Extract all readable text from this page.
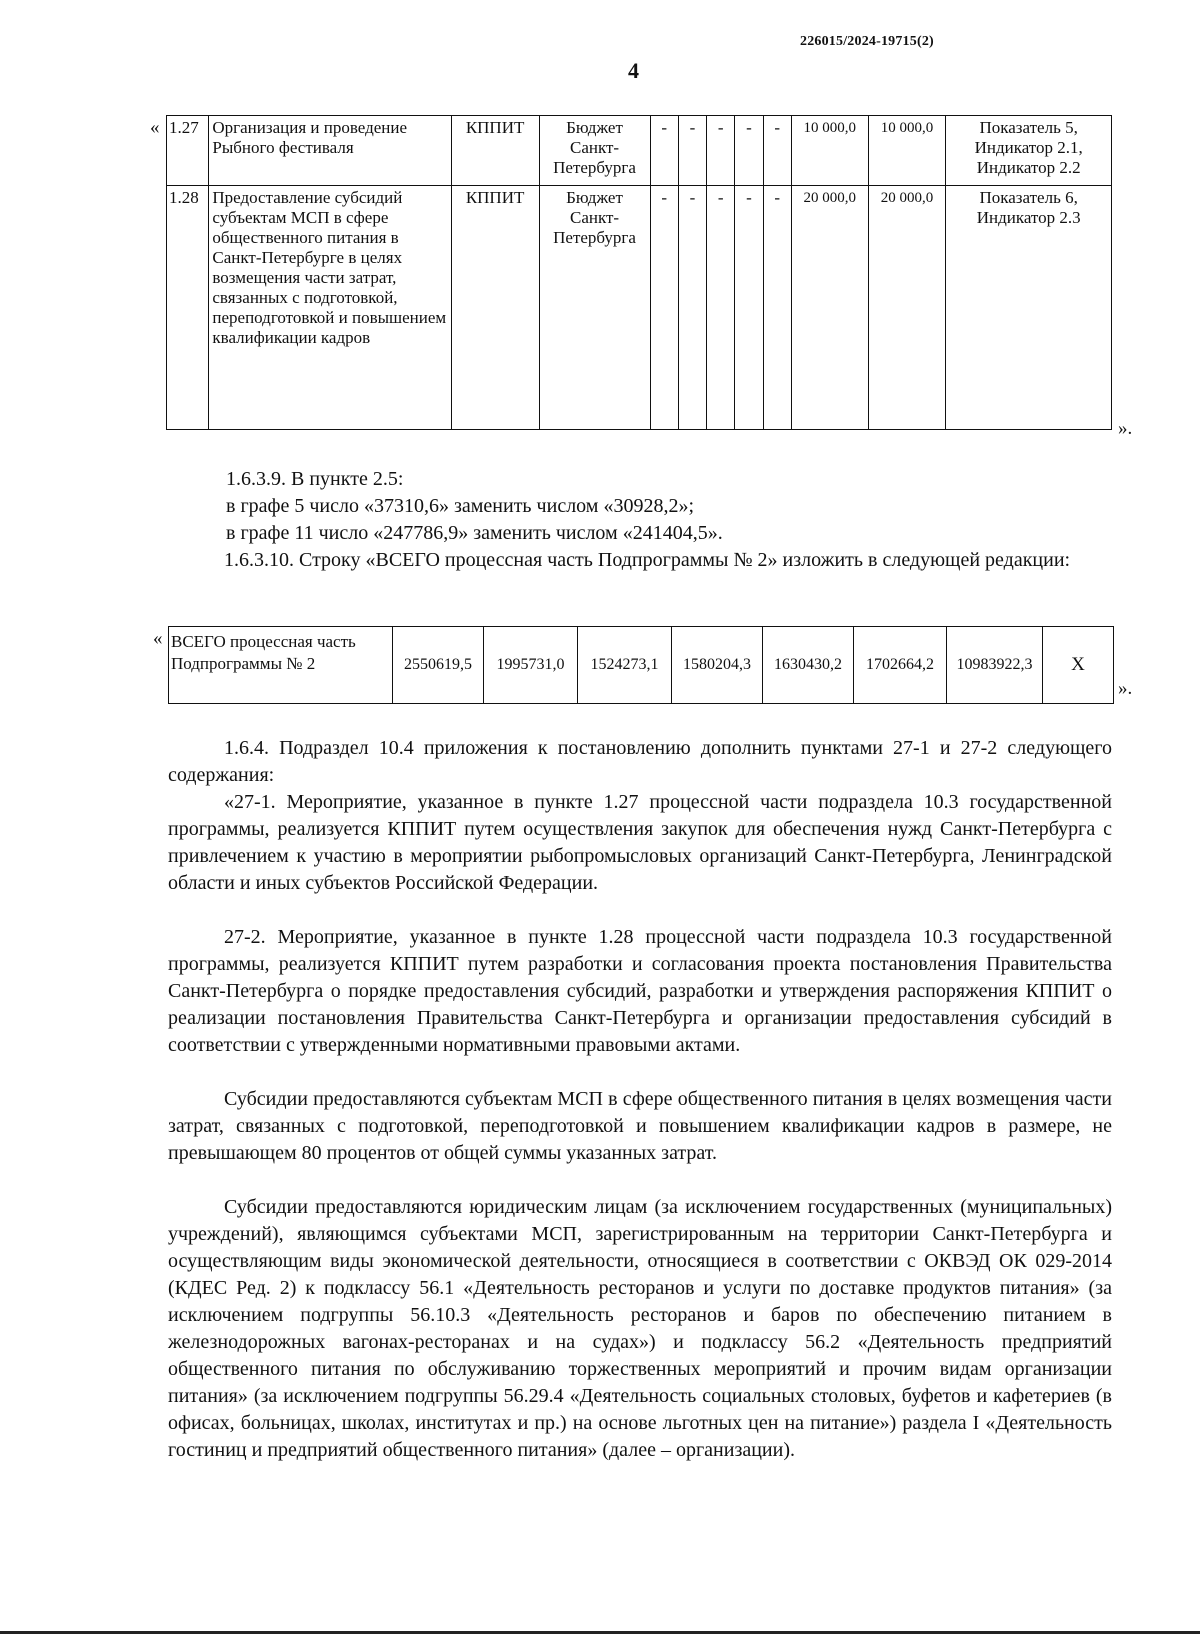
226015/2024-19715(2)
4
« 1.27	Организация и проведение Рыбного фестиваля	КППИТ	Бюджет Санкт-Петербурга	-	-	-	-	-	10 000,0	10 000,0	Показатель 5, Индикатор 2.1, Индикатор 2.2
1.28	Предоставление субсидий субъектам МСП в сфере общественного питания в Санкт-Петербурге в целях возмещения части затрат, связанных с подготовкой, переподготовкой и повышением квалификации кадров	КППИТ	Бюджет Санкт-Петербурга	-	-	-	-	-	20 000,0	20 000,0	Показатель 6, Индикатор 2.3
».
1.6.3.9. В пункте 2.5:
в графе 5 число «37310,6» заменить числом «30928,2»;
в графе 11 число «247786,9» заменить числом «241404,5».
1.6.3.10. Строку «ВСЕГО процессная часть Подпрограммы № 2» изложить в следующей редакции:
« ВСЕГО процессная часть Подпрограммы № 2	2550619,5	1995731,0	1524273,1	1580204,3	1630430,2	1702664,2	10983922,3	Х
».
1.6.4. Подраздел 10.4 приложения к постановлению дополнить пунктами 27-1 и 27-2 следующего содержания:
«27-1. Мероприятие, указанное в пункте 1.27 процессной части подраздела 10.3 государственной программы, реализуется КППИТ путем осуществления закупок для обеспечения нужд Санкт-Петербурга с привлечением к участию в мероприятии рыбопромысловых организаций Санкт-Петербурга, Ленинградской области и иных субъектов Российской Федерации.
27-2. Мероприятие, указанное в пункте 1.28 процессной части подраздела 10.3 государственной программы, реализуется КППИТ путем разработки и согласования проекта постановления Правительства Санкт-Петербурга о порядке предоставления субсидий, разработки и утверждения распоряжения КППИТ о реализации постановления Правительства Санкт-Петербурга и организации предоставления субсидий в соответствии с утвержденными нормативными правовыми актами.
Субсидии предоставляются субъектам МСП в сфере общественного питания в целях возмещения части затрат, связанных с подготовкой, переподготовкой и повышением квалификации кадров в размере, не превышающем 80 процентов от общей суммы указанных затрат.
Субсидии предоставляются юридическим лицам (за исключением государственных (муниципальных) учреждений), являющимся субъектами МСП, зарегистрированным на территории Санкт-Петербурга и осуществляющим виды экономической деятельности, относящиеся в соответствии с ОКВЭД ОК 029-2014 (КДЕС Ред. 2) к подклассу 56.1 «Деятельность ресторанов и услуги по доставке продуктов питания» (за исключением подгруппы 56.10.3 «Деятельность ресторанов и баров по обеспечению питанием в железнодорожных вагонах-ресторанах и на судах») и подклассу 56.2 «Деятельность предприятий общественного питания по обслуживанию торжественных мероприятий и прочим видам организации питания» (за исключением подгруппы 56.29.4 «Деятельность социальных столовых, буфетов и кафетериев (в офисах, больницах, школах, институтах и пр.) на основе льготных цен на питание») раздела I «Деятельность гостиниц и предприятий общественного питания» (далее – организации).
